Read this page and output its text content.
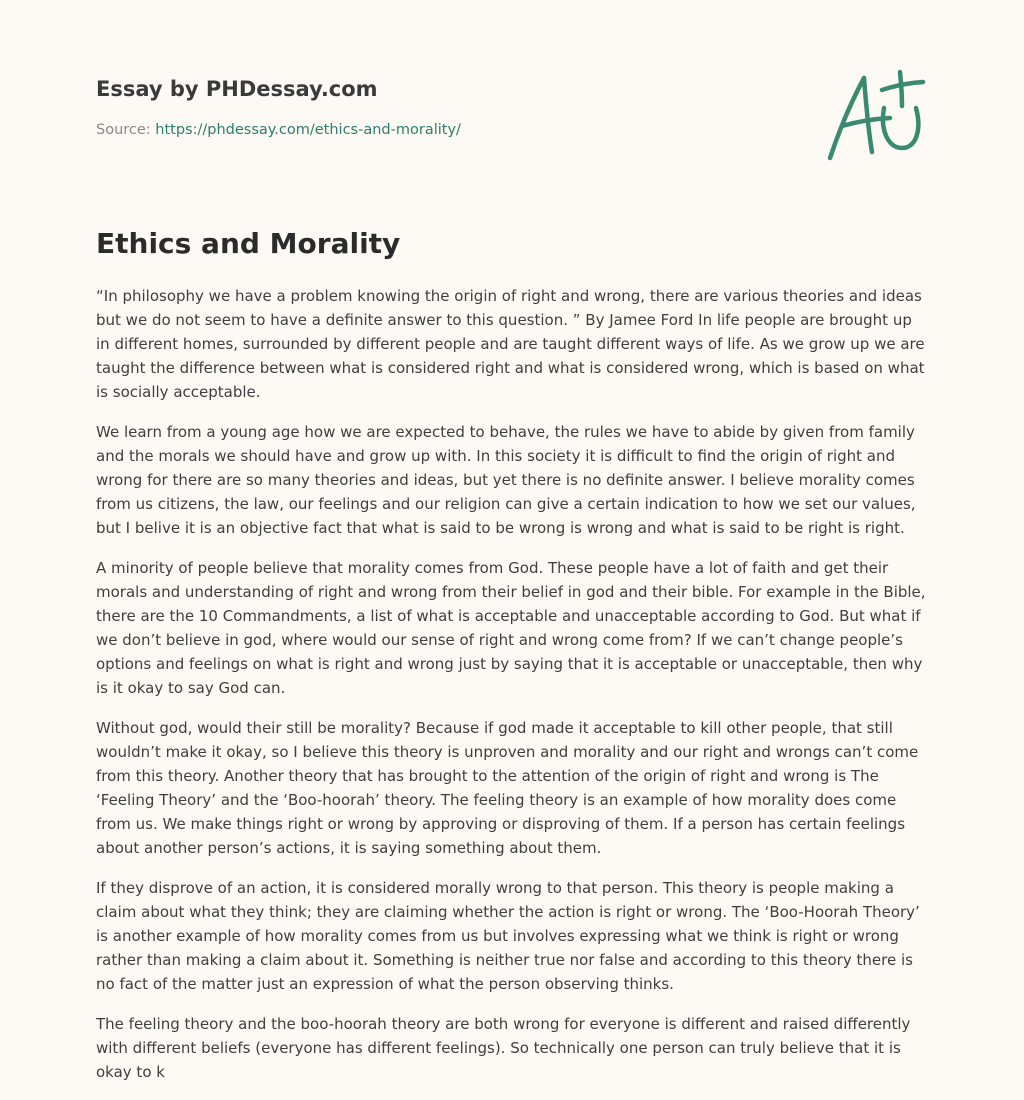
Essay by PHDessay.com
Source: https://phdessay.com/ethics-and-morality/
Ethics and Morality

“In philosophy we have a problem knowing the origin of right and wrong, there are various theories and ideas but we do not seem to have a definite answer to this question. ” By Jamee Ford In life people are brought up in different homes, surrounded by different people and are taught different ways of life. As we grow up we are taught the difference between what is considered right and what is considered wrong, which is based on what is socially acceptable.

We learn from a young age how we are expected to behave, the rules we have to abide by given from family and the morals we should have and grow up with. In this society it is difficult to find the origin of right and wrong for there are so many theories and ideas, but yet there is no definite answer. I believe morality comes from us citizens, the law, our feelings and our religion can give a certain indication to how we set our values, but I belive it is an objective fact that what is said to be wrong is wrong and what is said to be right is right.

A minority of people believe that morality comes from God. These people have a lot of faith and get their morals and understanding of right and wrong from their belief in god and their bible. For example in the Bible, there are the 10 Commandments, a list of what is acceptable and unacceptable according to God. But what if we don’t believe in god, where would our sense of right and wrong come from? If we can’t change people’s options and feelings on what is right and wrong just by saying that it is acceptable or unacceptable, then why is it okay to say God can.

Without god, would their still be morality? Because if god made it acceptable to kill other people, that still wouldn’t make it okay, so I believe this theory is unproven and morality and our right and wrongs can’t come from this theory. Another theory that has brought to the attention of the origin of right and wrong is The ‘Feeling Theory’ and the ‘Boo-hoorah’ theory. The feeling theory is an example of how morality does come from us. We make things right or wrong by approving or disproving of them. If a person has certain feelings about another person’s actions, it is saying something about them.

If they disprove of an action, it is considered morally wrong to that person. This theory is people making a claim about what they think; they are claiming whether the action is right or wrong. The ‘Boo-Hoorah Theory’ is another example of how morality comes from us but involves expressing what we think is right or wrong rather than making a claim about it. Something is neither true nor false and according to this theory there is no fact of the matter just an expression of what the person observing thinks.

The feeling theory and the boo-hoorah theory are both wrong for everyone is different and raised differently with different beliefs (everyone has different feelings). So technically one person can truly believe that it is okay to k
